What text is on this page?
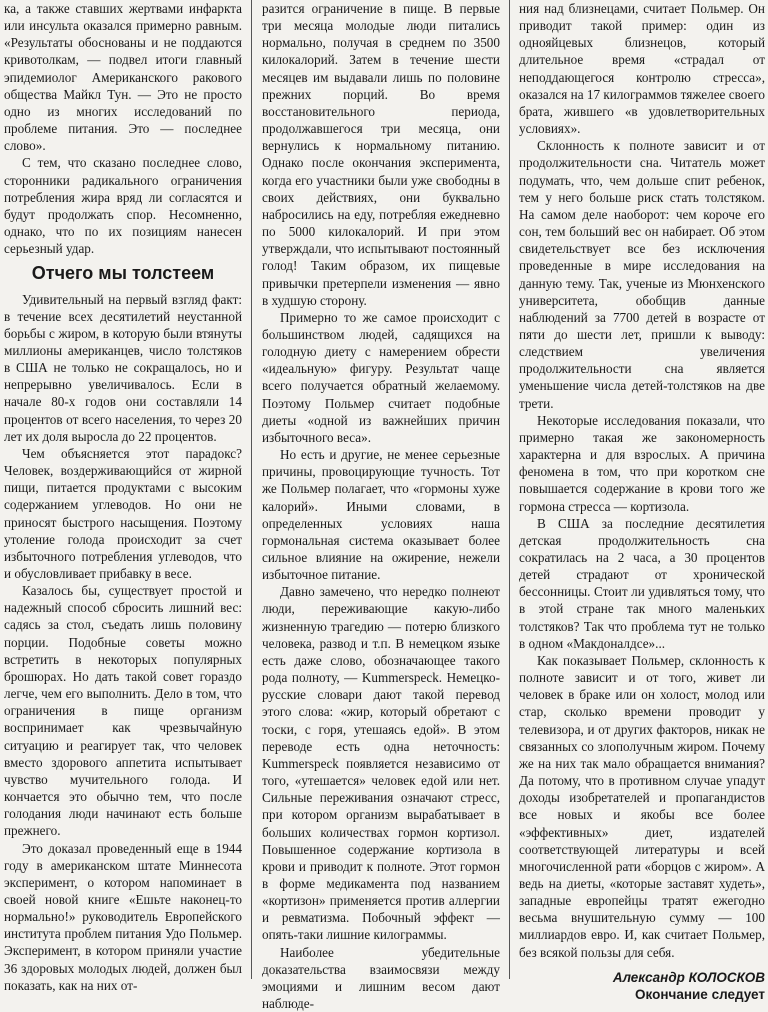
ка, а также ставших жертвами инфаркта или инсульта оказался примерно равным. «Результаты обоснованы и не поддаются кривотолкам, — подвел итоги главный эпидемиолог Американского ракового общества Майкл Тун. — Это не просто одно из многих исследований по проблеме питания. Это — последнее слово».

С тем, что сказано последнее слово, сторонники радикального ограничения потребления жира вряд ли согласятся и будут продолжать спор. Несомненно, однако, что по их позициям нанесен серьезный удар.

Отчего мы толстеем

Удивительный на первый взгляд факт: в течение всех десятилетий неустанной борьбы с жиром, в которую были втянуты миллионы американцев, число толстяков в США не только не сокращалось, но и непрерывно увеличивалось. Если в начале 80-х годов они составляли 14 процентов от всего населения, то через 20 лет их доля выросла до 22 процентов.

Чем объясняется этот парадокс? Человек, воздерживающийся от жирной пищи, питается продуктами с высоким содержанием углеводов. Но они не приносят быстрого насыщения. Поэтому утоление голода происходит за счет избыточного потребления углеводов, что и обусловливает прибавку в весе.

Казалось бы, существует простой и надежный способ сбросить лишний вес: садясь за стол, съедать лишь половину порции. Подобные советы можно встретить в некоторых популярных брошюрах. Но дать такой совет гораздо легче, чем его выполнить. Дело в том, что ограничения в пище организм воспринимает как чрезвычайную ситуацию и реагирует так, что человек вместо здорового аппетита испытывает чувство мучительного голода. И кончается это обычно тем, что после голодания люди начинают есть больше прежнего.

Это доказал проведенный еще в 1944 году в американском штате Миннесота эксперимент, о котором напоминает в своей новой книге «Ешьте наконец-то нормально!» руководитель Европейского института проблем питания Удо Польмер. Эксперимент, в котором приняли участие 36 здоровых молодых людей, должен был показать, как на них от-

разится ограничение в пище. В первые три месяца молодые люди питались нормально, получая в среднем по 3500 килокалорий. Затем в течение шести месяцев им выдавали лишь по половине прежних порций. Во время восстановительного периода, продолжавшегося три месяца, они вернулись к нормальному питанию. Однако после окончания эксперимента, когда его участники были уже свободны в своих действиях, они буквально набросились на еду, потребляя ежедневно по 5000 килокалорий. И при этом утверждали, что испытывают постоянный голод! Таким образом, их пищевые привычки претерпели изменения — явно в худшую сторону.

Примерно то же самое происходит с большинством людей, садящихся на голодную диету с намерением обрести «идеальную» фигуру. Результат чаще всего получается обратный желаемому. Поэтому Польмер считает подобные диеты «одной из важнейших причин избыточного веса».

Но есть и другие, не менее серьезные причины, провоцирующие тучность. Тот же Польмер полагает, что «гормоны хуже калорий». Иными словами, в определенных условиях наша гормональная система оказывает более сильное влияние на ожирение, нежели избыточное питание.

Давно замечено, что нередко полнеют люди, переживающие какую-либо жизненную трагедию — потерю близкого человека, развод и т.п. В немецком языке есть даже слово, обозначающее такого рода полноту, — Kummerspeck. Немецко-русские словари дают такой перевод этого слова: «жир, который обретают с тоски, с горя, утешаясь едой». В этом переводе есть одна неточность: Kummerspeck появляется независимо от того, «утешается» человек едой или нет. Сильные переживания означают стресс, при котором организм вырабатывает в больших количествах гормон кортизол. Повышенное содержание кортизола в крови и приводит к полноте. Этот гормон в форме медикамента под названием «кортизон» применяется против аллергии и ревматизма. Побочный эффект — опять-таки лишние килограммы.

Наиболее убедительные доказательства взаимосвязи между эмоциями и лишним весом дают наблюде-

ния над близнецами, считает Польмер. Он приводит такой пример: один из однояйцевых близнецов, который длительное время «страдал от неподдающегося контролю стресса», оказался на 17 килограммов тяжелее своего брата, жившего «в удовлетворительных условиях».

Склонность к полноте зависит и от продолжительности сна. Читатель может подумать, что, чем дольше спит ребенок, тем у него больше риск стать толстяком. На самом деле наоборот: чем короче его сон, тем больший вес он набирает. Об этом свидетельствует все без исключения проведенные в мире исследования на данную тему. Так, ученые из Мюнхенского университета, обобщив данные наблюдений за 7700 детей в возрасте от пяти до шести лет, пришли к выводу: следствием увеличения продолжительности сна является уменьшение числа детей-толстяков на две трети.

Некоторые исследования показали, что примерно такая же закономерность характерна и для взрослых. А причина феномена в том, что при коротком сне повышается содержание в крови того же гормона стресса — кортизола.

В США за последние десятилетия детская продолжительность сна сократилась на 2 часа, а 30 процентов детей страдают от хронической бессонницы. Стоит ли удивляться тому, что в этой стране так много маленьких толстяков? Так что проблема тут не только в одном «Макдоналдсе»...

Как показывает Польмер, склонность к полноте зависит и от того, живет ли человек в браке или он холост, молод или стар, сколько времени проводит у телевизора, и от других факторов, никак не связанных со злополучным жиром. Почему же на них так мало обращается внимания? Да потому, что в противном случае упадут доходы изобретателей и пропагандистов все новых и якобы все более «эффективных» диет, издателей соответствующей литературы и всей многочисленной рати «борцов с жиром». А ведь на диеты, «которые заставят худеть», западные европейцы тратят ежегодно весьма внушительную сумму — 100 миллиардов евро. И, как считает Польмер, без всякой пользы для себя.

Александр КОЛОСКОВ
Окончание следует
